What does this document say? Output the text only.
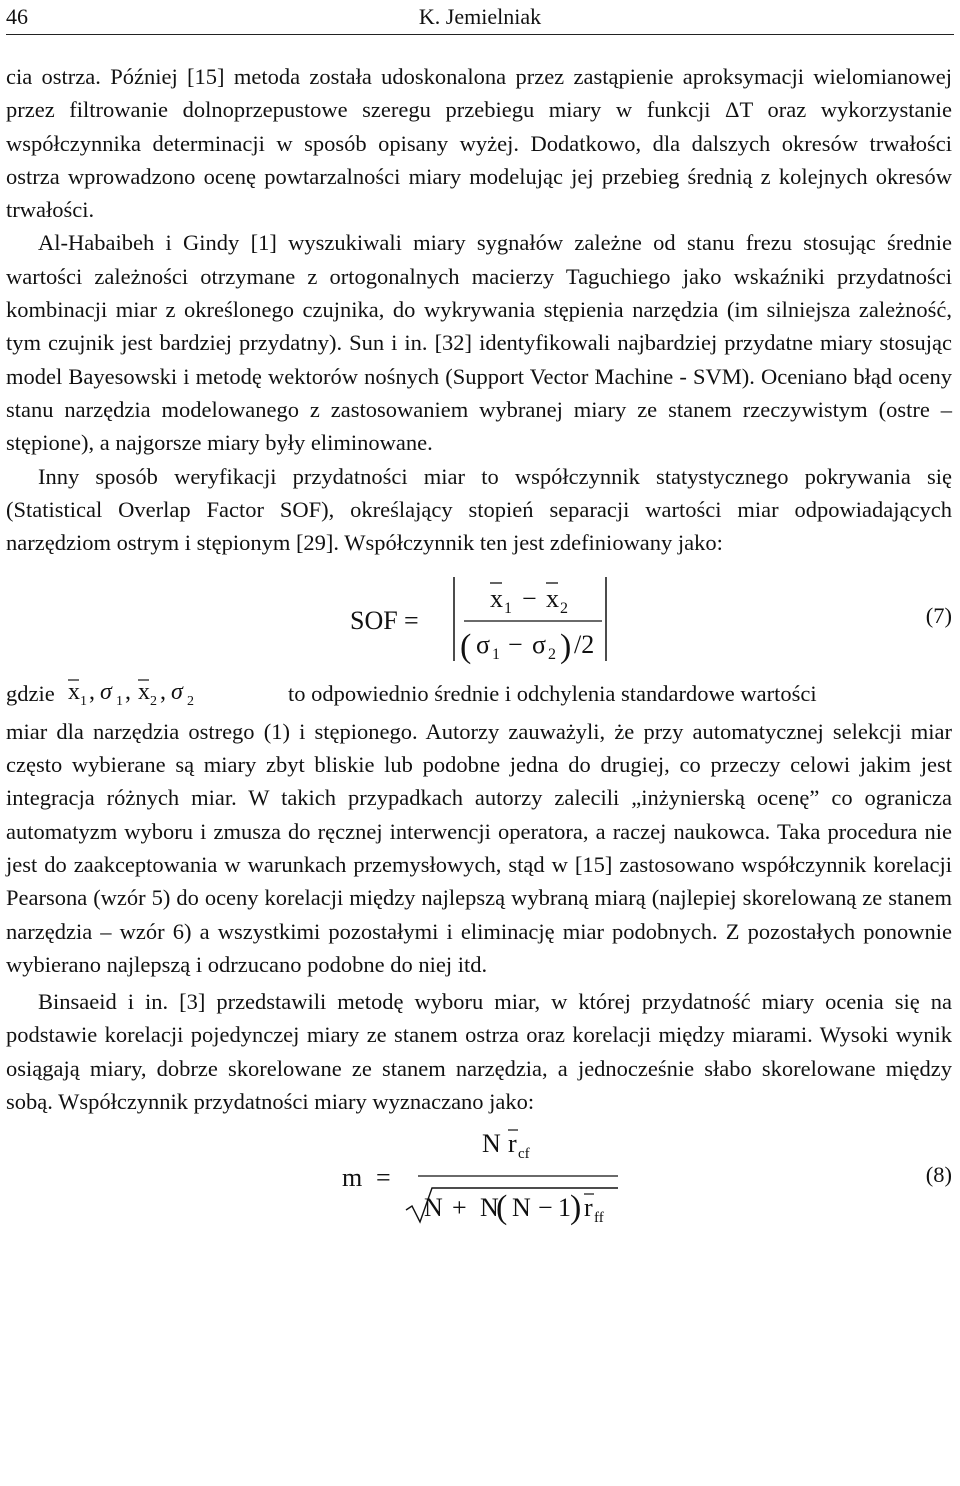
46	K. Jemielniak

cia ostrza. Później [15] metoda została udoskonalona przez zastąpienie aproksymacji wielomianowej przez filtrowanie dolnoprzepustowe szeregu przebiegu miary w funkcji ΔT oraz wykorzystanie współczynnika determinacji w sposób opisany wyżej. Dodatkowo, dla dalszych okresów trwałości ostrza wprowadzono ocenę powtarzalności miary modelując jej przebieg średnią z kolejnych okresów trwałości.

Al-Habaibeh i Gindy [1] wyszukiwali miary sygnałów zależne od stanu frezu stosując średnie wartości zależności otrzymane z ortogonalnych macierzy Taguchiego jako wskaźniki przydatności kombinacji miar z określonego czujnika, do wykrywania stępienia narzędzia (im silniejsza zależność, tym czujnik jest bardziej przydatny). Sun i in. [32] identyfikowali najbardziej przydatne miary stosując model Bayesowski i metodę wektorów nośnych (Support Vector Machine - SVM). Oceniano błąd oceny stanu narzędzia modelowanego z zastosowaniem wybranej miary ze stanem rzeczywistym (ostre – stępione), a najgorsze miary były eliminowane.

Inny sposób weryfikacji przydatności miar to współczynnik statystycznego pokrywania się (Statistical Overlap Factor SOF), określający stopień separacji wartości miar odpowiadających narzędziom ostrym i stępionym [29]. Współczynnik ten jest zdefiniowany jako:

SOF =
x 1 − x 2
( σ 1 − σ 2 ) /2
(7)

gdzie x 1 , σ 1 , x 2 , σ 2	to odpowiednio średnie i odchylenia standardowe wartości

miar dla narzędzia ostrego (1) i stępionego. Autorzy zauważyli, że przy automatycznej selekcji miar często wybierane są miary zbyt bliskie lub podobne jedna do drugiej, co przeczy celowi jakim jest integracja różnych miar. W takich przypadkach autorzy zalecili „inżynierską ocenę” co ogranicza automatyzm wyboru i zmusza do ręcznej interwencji operatora, a raczej naukowca. Taka procedura nie jest do zaakceptowania w warunkach przemysłowych, stąd w [15] zastosowano współczynnik korelacji Pearsona (wzór 5) do oceny korelacji między najlepszą wybraną miarą (najlepiej skorelowaną ze stanem narzędzia – wzór 6) a wszystkimi pozostałymi i eliminację miar podobnych. Z pozostałych ponownie wybierano najlepszą i odrzucano podobne do niej itd.

Binsaeid i in. [3] przedstawili metodę wyboru miar, w której przydatność miary ocenia się na podstawie korelacji pojedynczej miary ze stanem ostrza oraz korelacji między miarami. Wysoki wynik osiągają miary, dobrze skorelowane ze stanem narzędzia, a jednocześnie słabo skorelowane między sobą. Współczynnik przydatności miary wyznaczano jako:

m =
N r cf
N + N
( N − 1 ) r ff
(8)
